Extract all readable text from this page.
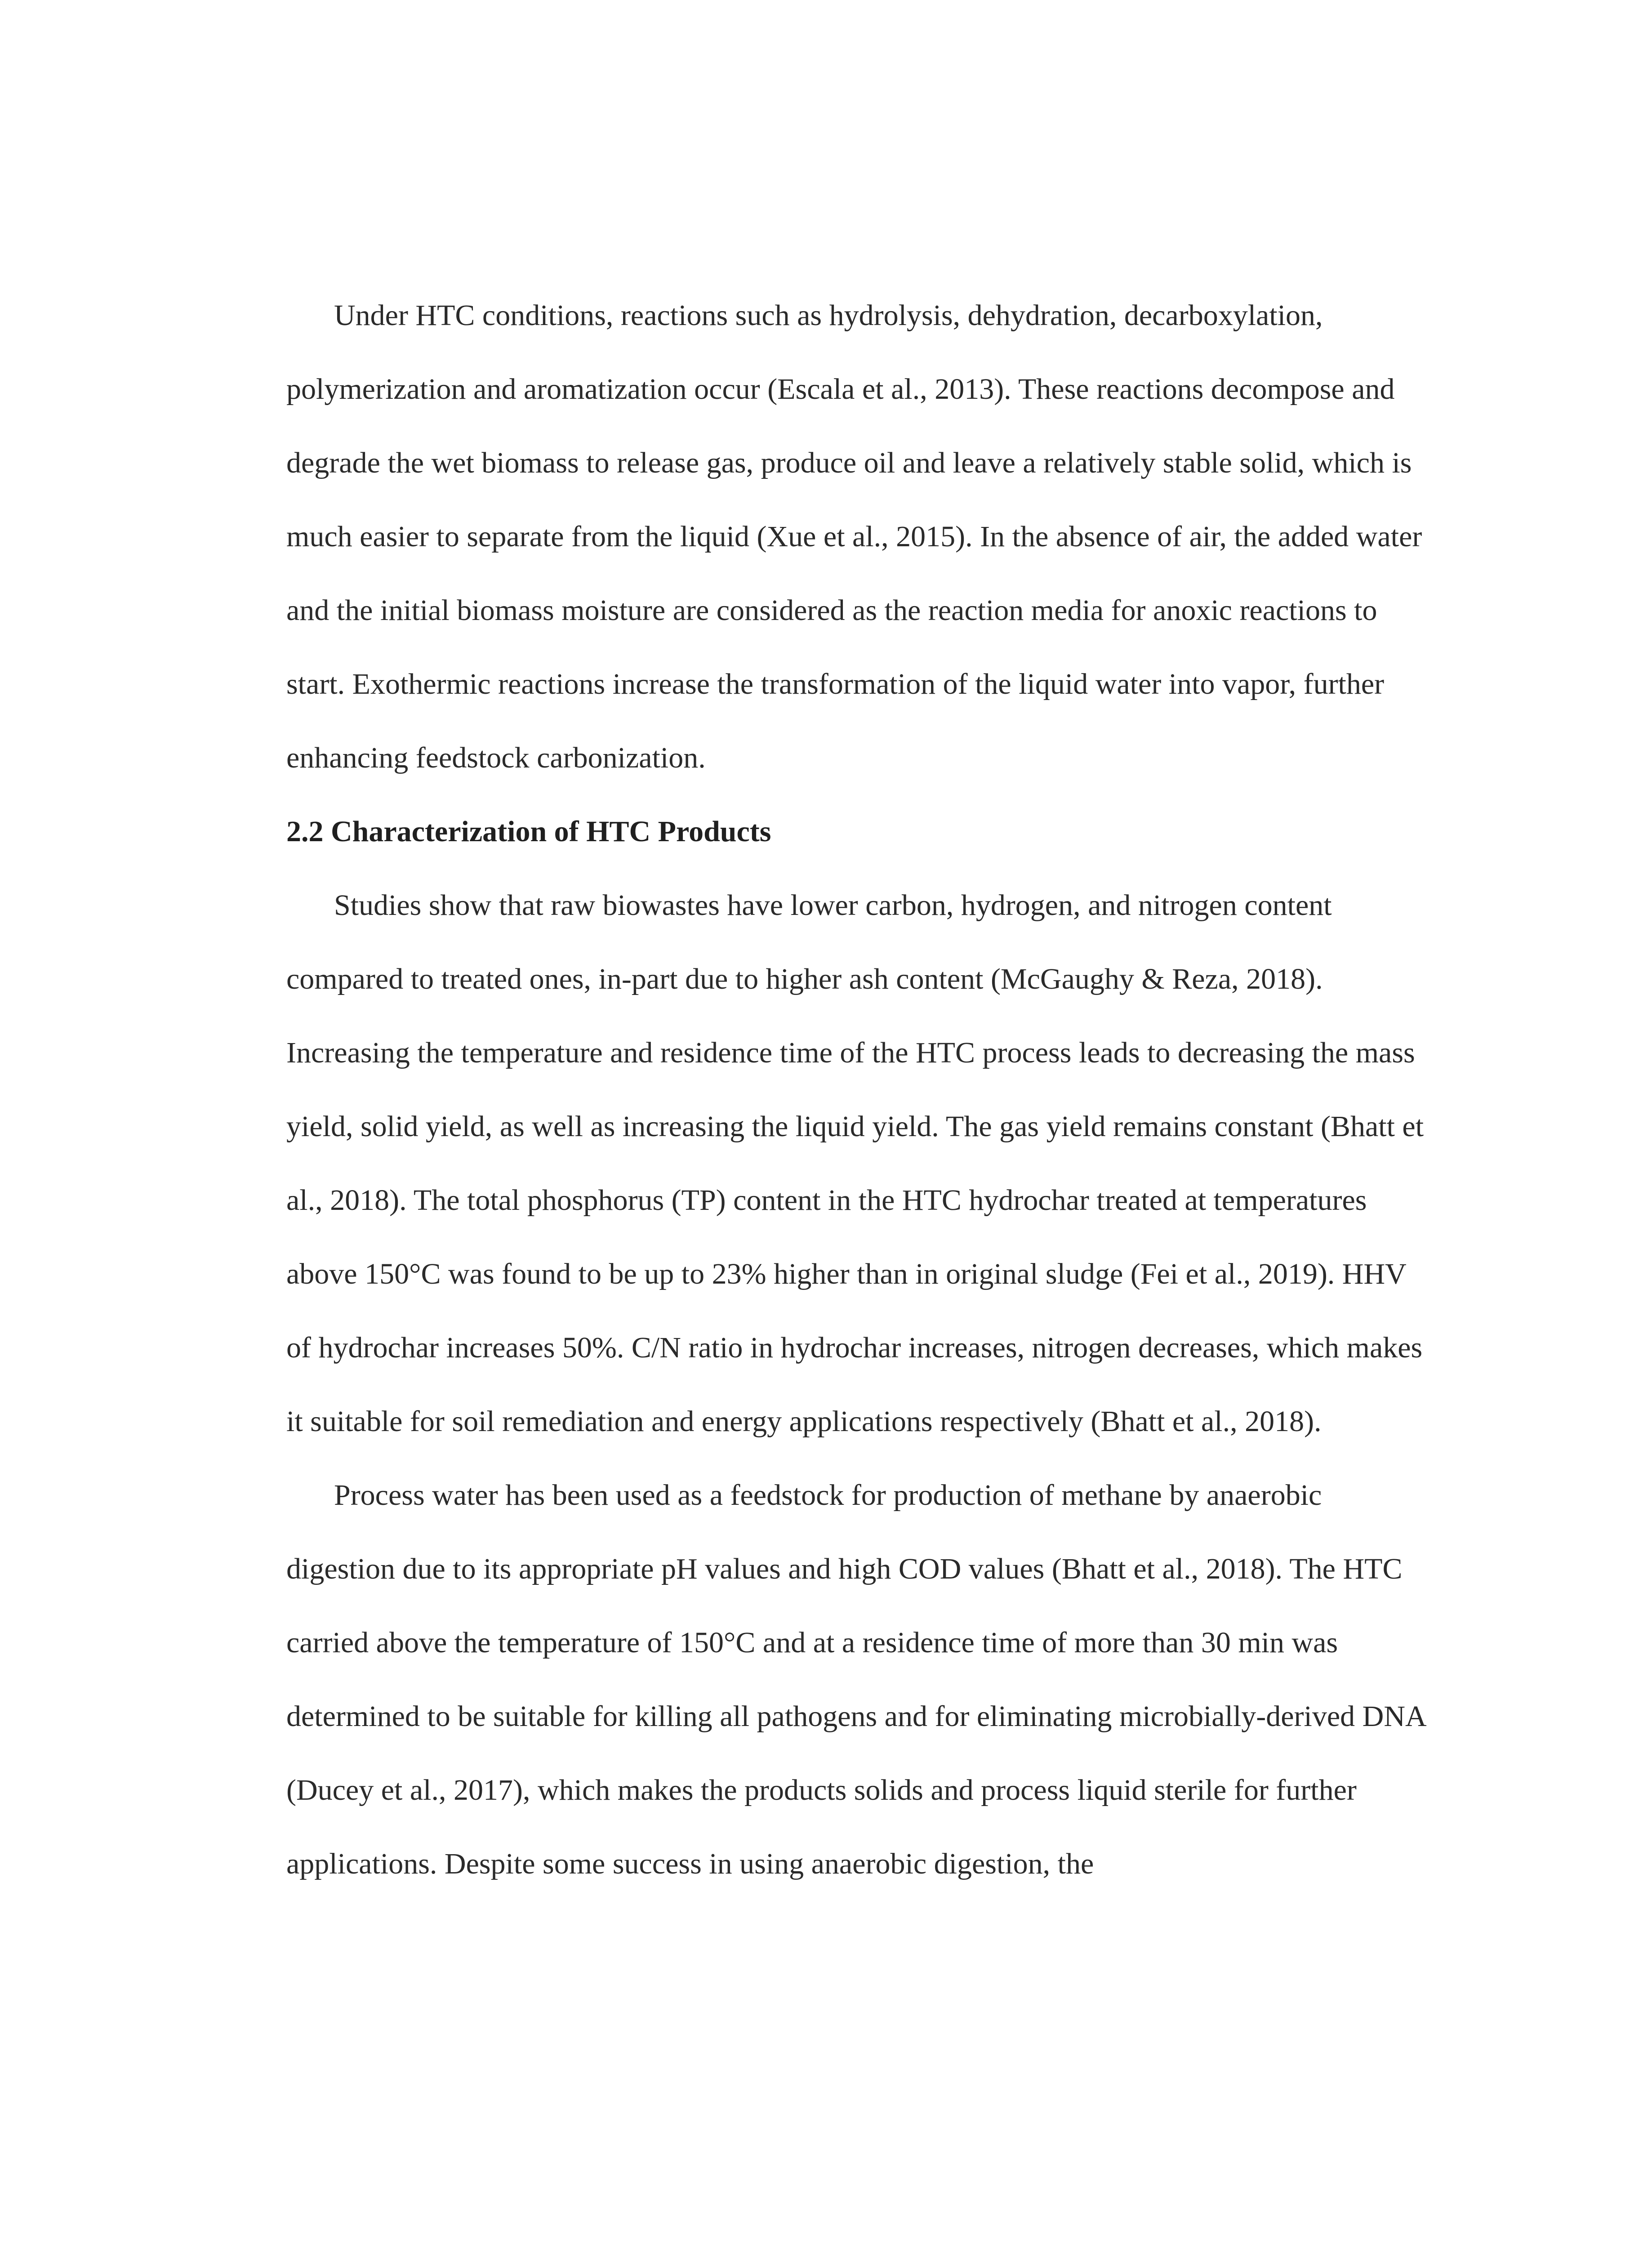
Under HTC conditions, reactions such as hydrolysis, dehydration, decarboxylation, polymerization and aromatization occur (Escala et al., 2013). These reactions decompose and degrade the wet biomass to release gas, produce oil and leave a relatively stable solid, which is much easier to separate from the liquid (Xue et al., 2015). In the absence of air, the added water and the initial biomass moisture are considered as the reaction media for anoxic reactions to start. Exothermic reactions increase the transformation of the liquid water into vapor, further enhancing feedstock carbonization.

2.2 Characterization of HTC Products

Studies show that raw biowastes have lower carbon, hydrogen, and nitrogen content compared to treated ones, in-part due to higher ash content (McGaughy & Reza, 2018). Increasing the temperature and residence time of the HTC process leads to decreasing the mass yield, solid yield, as well as increasing the liquid yield. The gas yield remains constant (Bhatt et al., 2018). The total phosphorus (TP) content in the HTC hydrochar treated at temperatures above 150°C was found to be up to 23% higher than in original sludge (Fei et al., 2019). HHV of hydrochar increases 50%. C/N ratio in hydrochar increases, nitrogen decreases, which makes it suitable for soil remediation and energy applications respectively (Bhatt et al., 2018).

Process water has been used as a feedstock for production of methane by anaerobic digestion due to its appropriate pH values and high COD values (Bhatt et al., 2018). The HTC carried above the temperature of 150°C and at a residence time of more than 30 min was determined to be suitable for killing all pathogens and for eliminating microbially-derived DNA (Ducey et al., 2017), which makes the products solids and process liquid sterile for further applications. Despite some success in using anaerobic digestion, the
